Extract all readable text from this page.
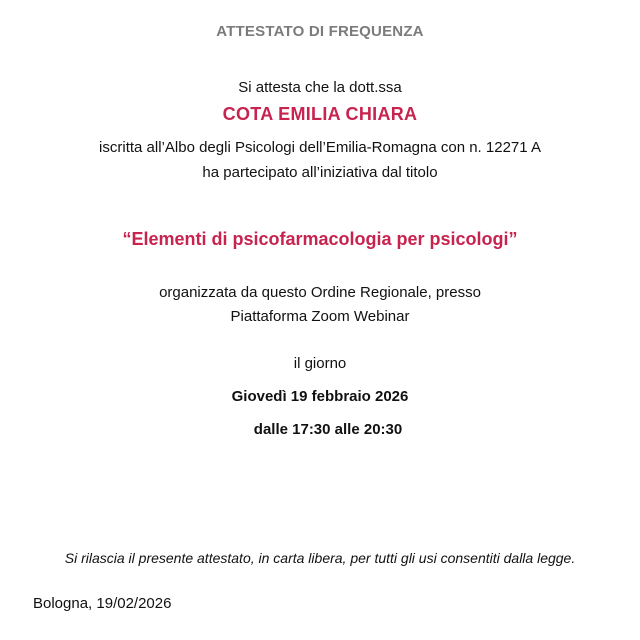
ATTESTATO DI FREQUENZA
Si attesta che la dott.ssa
COTA EMILIA CHIARA
iscritta all’Albo degli Psicologi dell’Emilia-Romagna con n. 12271 A
ha partecipato all’iniziativa dal titolo
“Elementi di psicofarmacologia per psicologi”
organizzata da questo Ordine Regionale, presso
Piattaforma Zoom Webinar
il giorno
Giovedì 19 febbraio 2026
dalle 17:30 alle 20:30
Si rilascia il presente attestato, in carta libera, per tutti gli usi consentiti dalla legge.
Bologna, 19/02/2026
